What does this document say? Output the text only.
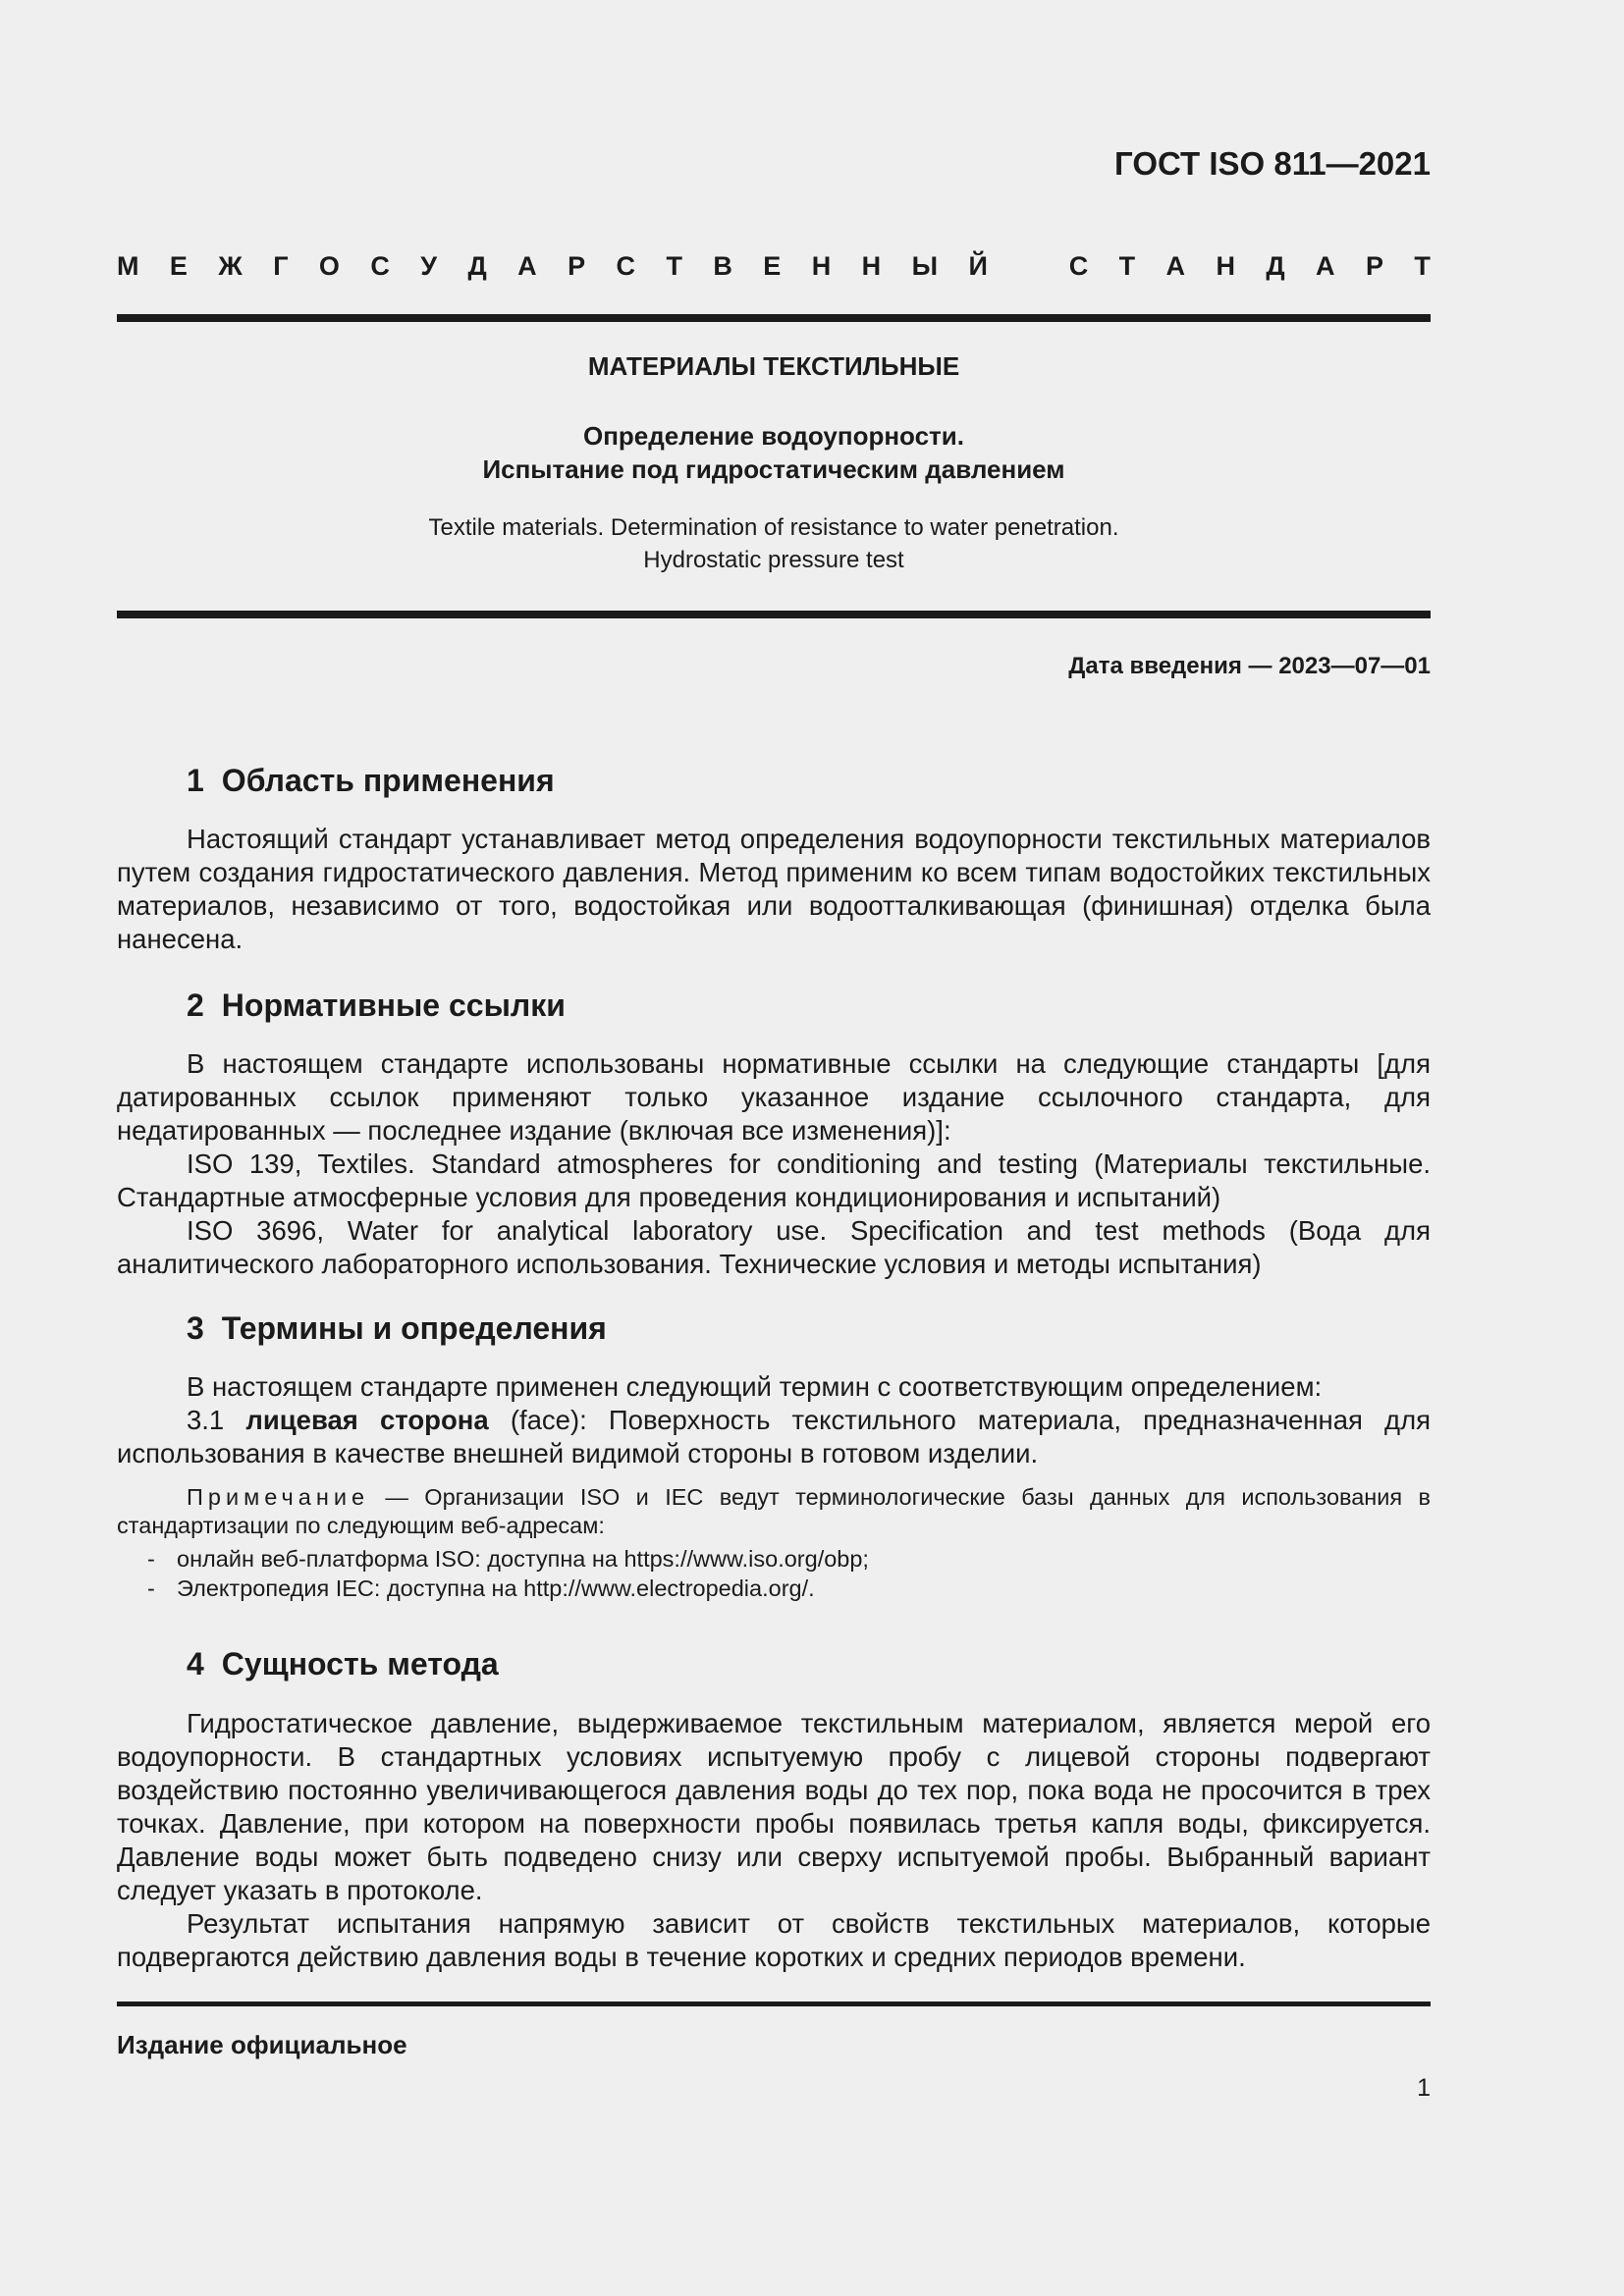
ГОСТ ISO 811—2021
М Е Ж Г О С У Д А Р С Т В Е Н Н Ы Й	С Т А Н Д А Р Т
МАТЕРИАЛЫ ТЕКСТИЛЬНЫЕ
Определение водоупорности.
Испытание под гидростатическим давлением
Textile materials. Determination of resistance to water penetration.
Hydrostatic pressure test
Дата введения — 2023—07—01
1 Область применения
Настоящий стандарт устанавливает метод определения водоупорности текстильных материалов путем создания гидростатического давления. Метод применим ко всем типам водостойких текстильных материалов, независимо от того, водостойкая или водоотталкивающая (финишная) отделка была нанесена.
2 Нормативные ссылки
В настоящем стандарте использованы нормативные ссылки на следующие стандарты [для датированных ссылок применяют только указанное издание ссылочного стандарта, для недатированных — последнее издание (включая все изменения)]:
ISO 139, Textiles. Standard atmospheres for conditioning and testing (Материалы текстильные. Стандартные атмосферные условия для проведения кондиционирования и испытаний)
ISO 3696, Water for analytical laboratory use. Specification and test methods (Вода для аналитического лабораторного использования. Технические условия и методы испытания)
3 Термины и определения
В настоящем стандарте применен следующий термин с соответствующим определением:
3.1 лицевая сторона (face): Поверхность текстильного материала, предназначенная для использования в качестве внешней видимой стороны в готовом изделии.
Примечание — Организации ISO и IEC ведут терминологические базы данных для использования в стандартизации по следующим веб-адресам:
- онлайн веб-платформа ISO: доступна на https://www.iso.org/obp;
- Электропедия IEC: доступна на http://www.electropedia.org/.
4 Сущность метода
Гидростатическое давление, выдерживаемое текстильным материалом, является мерой его водоупорности. В стандартных условиях испытуемую пробу с лицевой стороны подвергают воздействию постоянно увеличивающегося давления воды до тех пор, пока вода не просочится в трех точках. Давление, при котором на поверхности пробы появилась третья капля воды, фиксируется. Давление воды может быть подведено снизу или сверху испытуемой пробы. Выбранный вариант следует указать в протоколе.
Результат испытания напрямую зависит от свойств текстильных материалов, которые подвергаются действию давления воды в течение коротких и средних периодов времени.
Издание официальное
1
